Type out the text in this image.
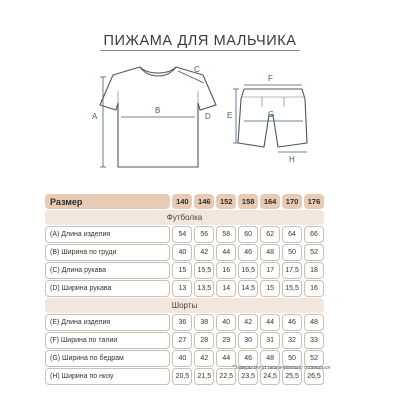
ПИЖАМА ДЛЯ МАЛЬЧИКА
A
B
C
D
F
E	G
H
Размер	140	146	152	158	164	170	176
Футболка							
(A) Длина изделия	54	56	58	60	62	64	66
(B) Ширина по груди	40	42	44	46	48	50	52
(C) Длина рукава	15	15,5	16	16,5	17	17,5	18
(D) Ширина рукава	13	13,5	14	14,5	15	15,5	16
Шорты							
(E) Длина изделия	36	38	40	42	44	46	48
(F) Ширина по талии	27	28	29	30	31	32	33
(G) Ширина по бедрам	40	42	44	46	48	50	52
(H) Ширина по низу	20,5	21,5	22,5	23,5	24,5	25,5	26,5
*Замеры могут незначительно отличаться
